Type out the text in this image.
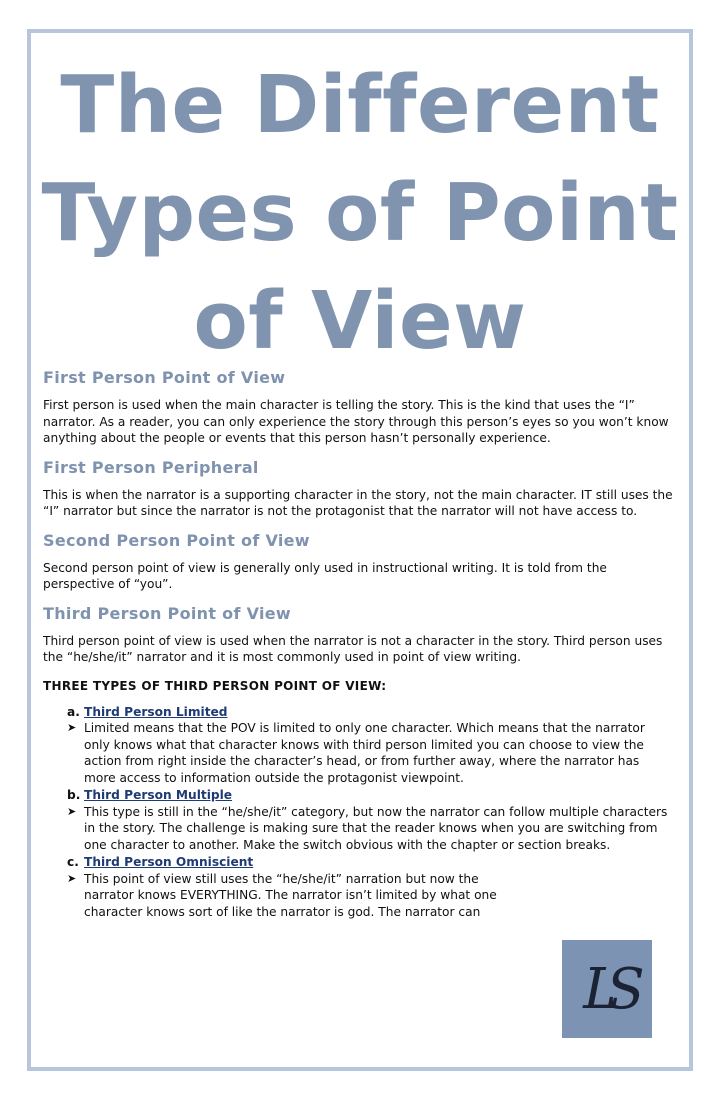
The Different Types of Point of View
First Person Point of View

First person is used when the main character is telling the story. This is the kind that uses the “I” narrator. As a reader, you can only experience the story through this person’s eyes so you won’t know anything about the people or events that this person hasn’t personally experience.

First Person Peripheral

This is when the narrator is a supporting character in the story, not the main character. IT still uses the “I” narrator but since the narrator is not the protagonist that the narrator will not have access to.

Second Person Point of View

Second person point of view is generally only used in instructional writing. It is told from the perspective of “you”.

Third Person Point of View

Third person point of view is used when the narrator is not a character in the story. Third person uses the “he/she/it” narrator and it is most commonly used in point of view writing.

THREE TYPES OF THIRD PERSON POINT OF VIEW:
a. Third Person Limited
➤ Limited means that the POV is limited to only one character. Which means that the narrator only knows what that character knows with third person limited you can choose to view the action from right inside the character’s head, or from further away, where the narrator has more access to information outside the protagonist viewpoint.
b. Third Person Multiple
➤ This type is still in the “he/she/it” category, but now the narrator can follow multiple characters in the story. The challenge is making sure that the reader knows when you are switching from one character to another. Make the switch obvious with the chapter or section breaks.
c. Third Person Omniscient
➤ This point of view still uses the “he/she/it” narration but now the narrator knows EVERYTHING. The narrator isn’t limited by what one character knows sort of like the narrator is god. The narrator can
LS
